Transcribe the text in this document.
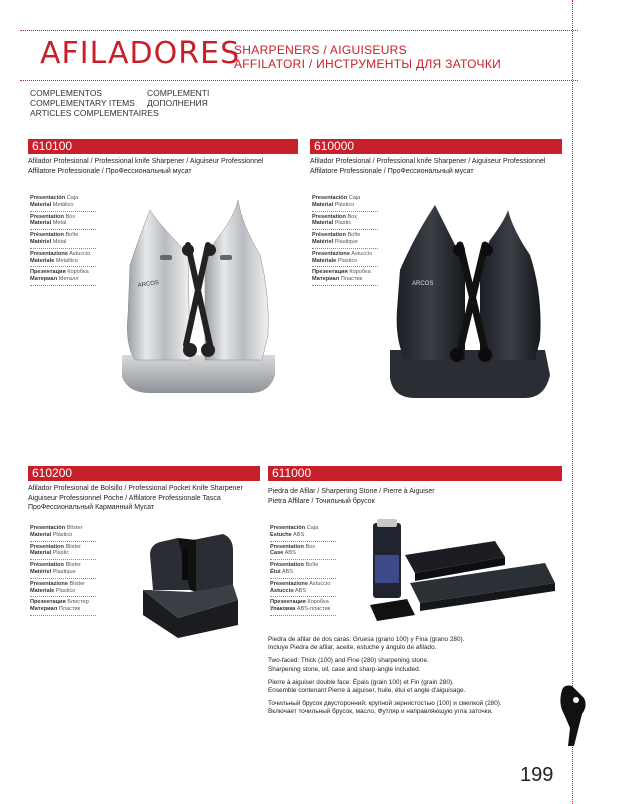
AFILADORES
SHARPENERS / AIGUISEURS
AFFILATORI / ИНСТРУМЕНТЫ ДЛЯ ЗАТОЧКИ
COMPLEMENTOS
COMPLEMENTARY ITEMS
ARTICLES COMPLEMENTAIRES
COMPLEMENTI
ДОПОЛНЕНИЯ
610100
Afilador Profesional / Professional knife Sharpener / Aiguiseur Professionnel
Affilatore Professionale / ПроФессиональный мусат
Presentación Caja
Material Metálico
Presentation Box
Material Metal
Présentation Boîte
Matériel Métal
Presentazione Astuccio
Materiale Metallico
Презентация Коробка
Материал Металл
ARCOS
610000
Afilador Profesional / Professional knife Sharpener / Aiguiseur Professionnel
Affilatore Professionale / ПроФессиональный мусат
Presentación Caja
Material Plástico
Presentation Box
Material Plastic
Présentation Boîte
Matériel Plastique
Presentazione Astuccio
Materiale Plastico
Презентация Коробка
Материал Пластик
ARCOS
610200
Afilador Profesional de Bolsillo / Professional Pocket Knife Sharpener
Aiguiseur Professionnel Poche / Affilatore Professionale Tasca
ПроФессиональный Карманный Мусат
Presentación Blíster
Material Plástico
Presentation Blister
Material Plastic
Présentation Blister
Matériel Plastique
Presentazione Blister
Materiale Plastico
Презентация Блистер
Материал Пластик
611000
Piedra de Afilar / Sharpening Stone / Pierre à Aiguiser
Pietra Affilare / Точильный брусок
Presentación Caja
Estuche ABS
Presentation Box
Case ABS
Présentation Boîte
Étui ABS
Presentazione Astuccio
Astuccio ABS
Презентация Коробка
Упаковка ABS-пластик
Piedra de afilar de dos caras: Gruesa (grano 100) y Fina (grano 280).
Incluye Piedra de afilar, aceite, estuche y ángulo de afilado.
Two-faced: Thick (100) and Fine (280) sharpening stone.
Sharpening stone, oil, case and sharp-angle included.
Pierre à aiguiser double face: Épais (grain 100) et Fin (grain 280).
Ensemble contenant Pierre à aiguiser, huile, étui et angle d'aiguisage.
Точильный брусок двусторонний: крупной зернистостью (100) и смелкой (280).
Включает точильный брусок, масло, Футляр и направляющую угла заточки.
199
